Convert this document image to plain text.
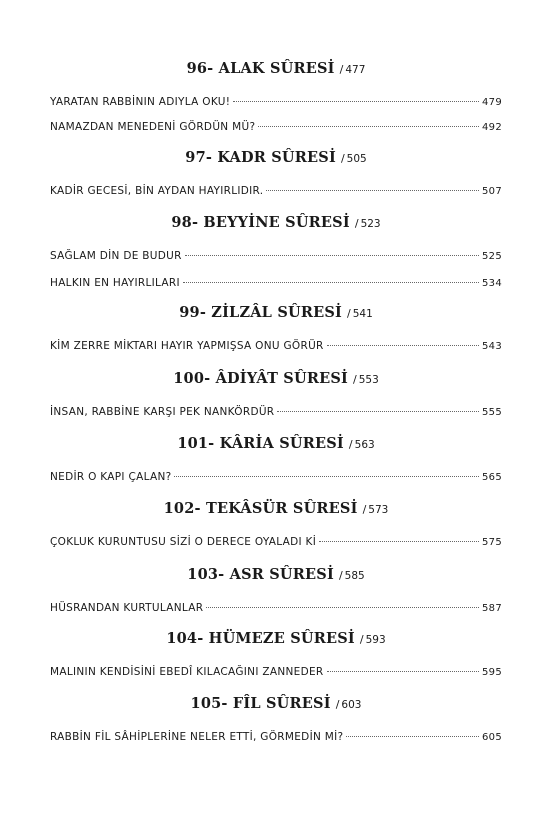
96- ALAK SÛRESİ / 477
YARATAN RABBİNIN ADIYLA OKU!	479
NAMAZDAN MENEDENİ GÖRDÜN MÜ?	492
97- KADR SÛRESİ / 505
KADİR GECESİ, BİN AYDAN HAYIRLIDIR.	507
98- BEYYİNE SÛRESİ / 523
SAĞLAM DİN DE BUDUR	525
HALKIN EN HAYIRLILARI	534
99- ZİLZÂL SÛRESİ / 541
KİM ZERRE MİKTARI HAYIR YAPMIŞSA ONU GÖRÜR	543
100- ÂDİYÂT SÛRESİ / 553
İNSAN, RABBİNE KARŞI PEK NANKÖRDÜR	555
101- KÂRİA SÛRESİ / 563
NEDİR O KAPI ÇALAN?	565
102- TEKÂSÜR SÛRESİ / 573
ÇOKLUK KURUNTUSU SİZİ O DERECE OYALADI Kİ	575
103- ASR SÛRESİ / 585
HÜSRANDAN KURTULANLAR	587
104- HÜMEZE SÛRESİ / 593
MALININ KENDİSİNİ EBEDÎ KILACAĞINI ZANNEDER	595
105- FÎL SÛRESİ / 603
RABBİN FİL SÂHİPLERİNE NELER ETTİ, GÖRMEDİN Mİ?	605
